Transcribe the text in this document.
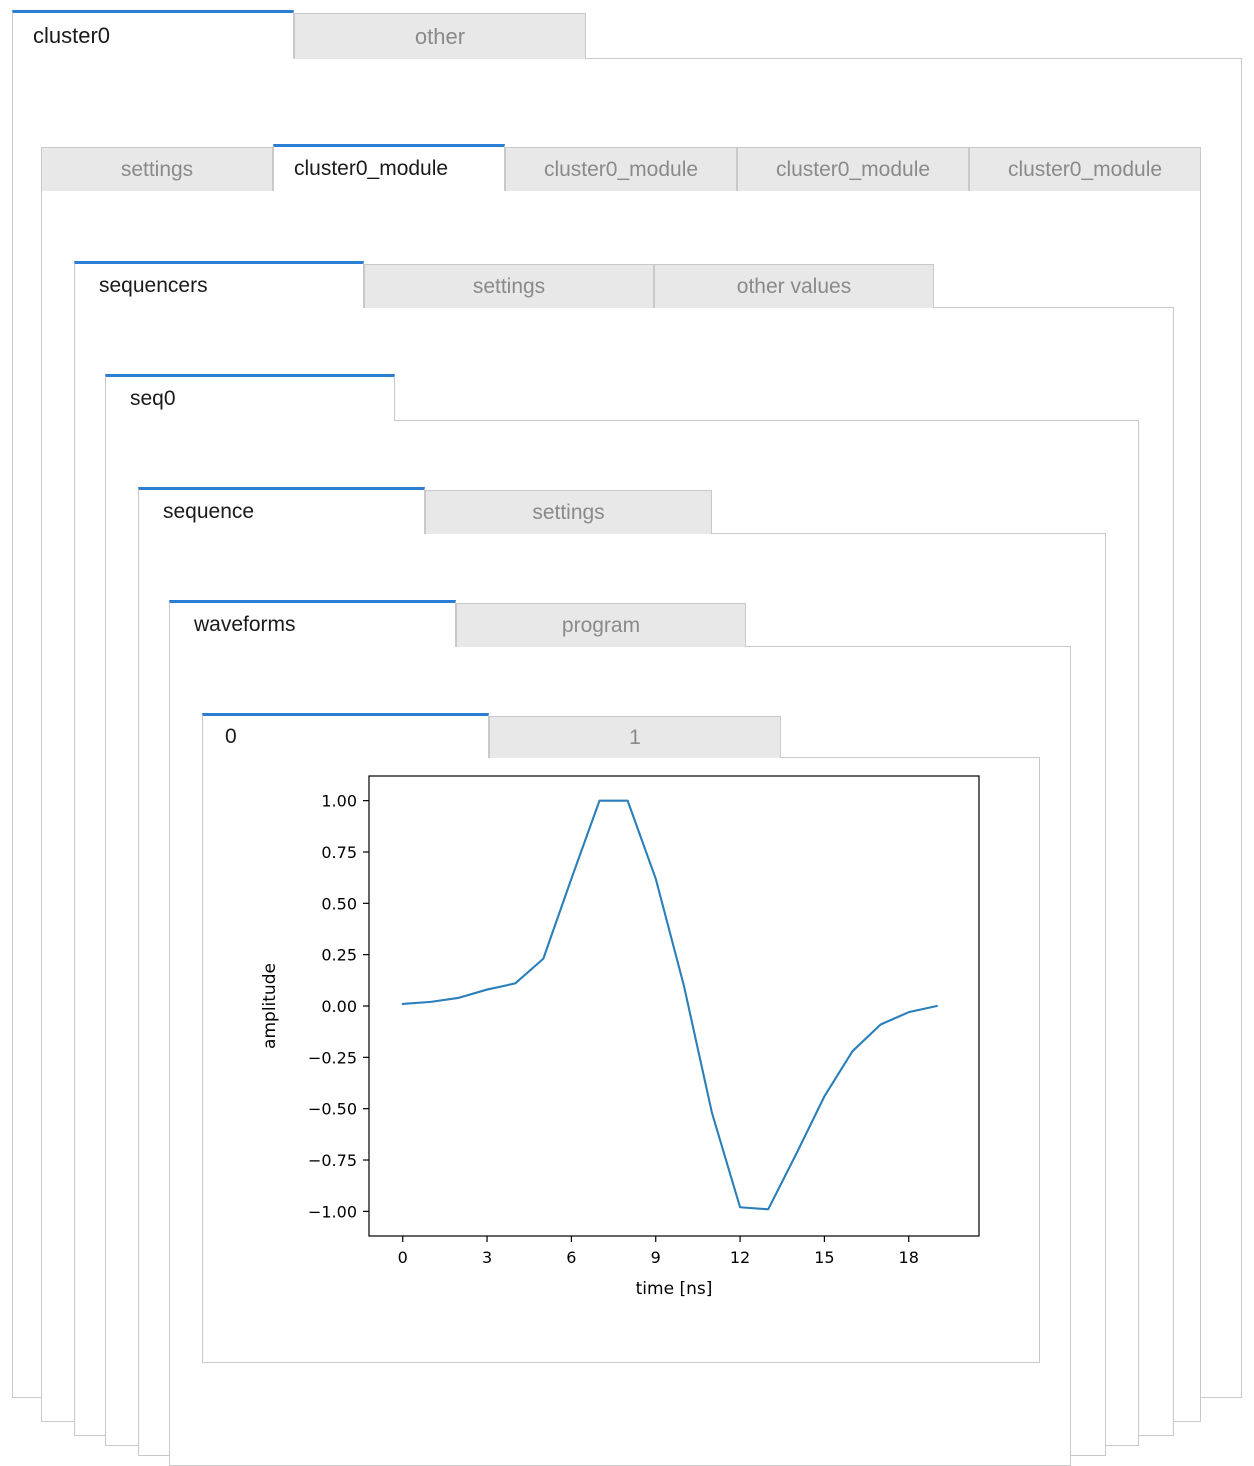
cluster0	other
settings	cluster0_module	cluster0_module	cluster0_module	cluster0_module
sequencers	settings	other values
seq0
sequence	settings
waveforms	program
0	1
0	3	6	9	12	15	18
−1.00
−0.75
−0.50
−0.25
0.00
0.25
0.50
0.75
1.00
time [ns]
amplitude
